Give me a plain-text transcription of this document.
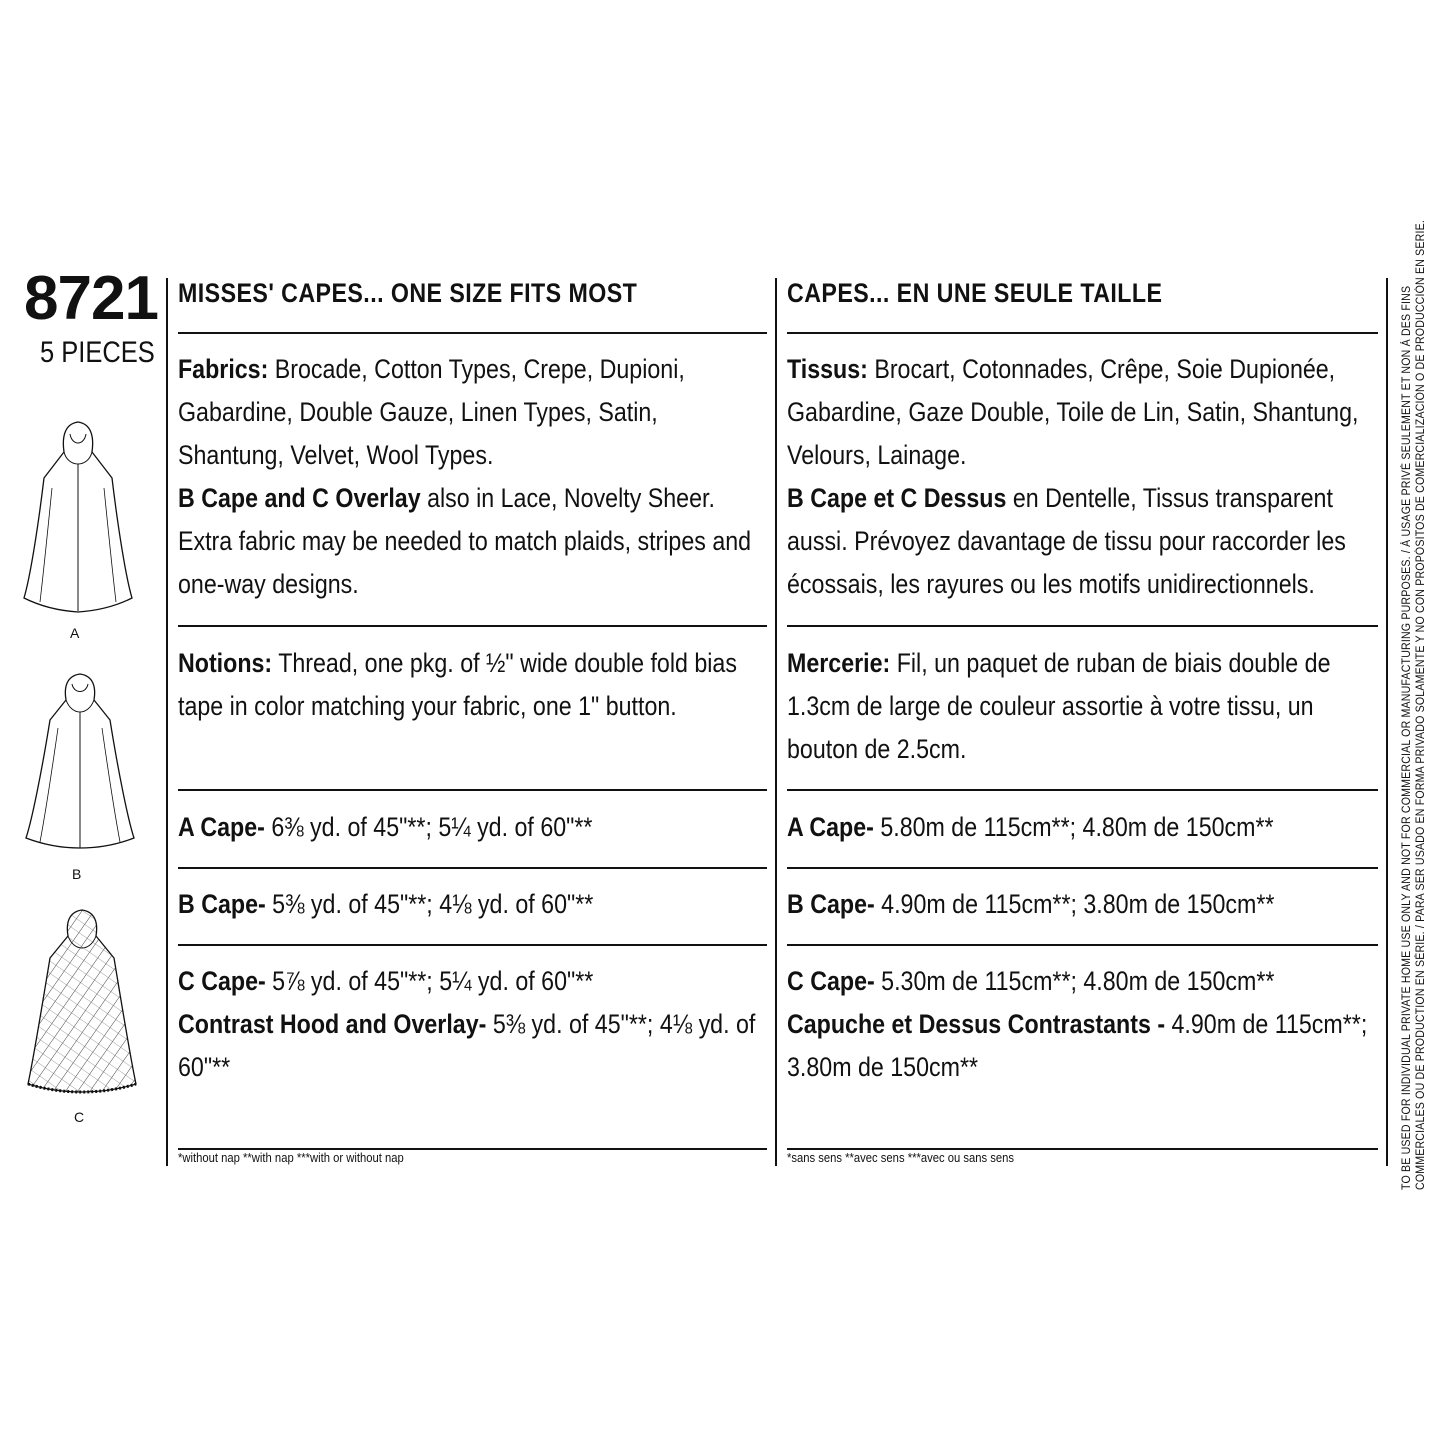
8721
5 PIECES
A
B
C
MISSES' CAPES... ONE SIZE FITS MOST
Fabrics: Brocade, Cotton Types, Crepe, Dupioni, Gabardine, Double Gauze, Linen Types, Satin, Shantung, Velvet, Wool Types.
B Cape and C Overlay also in Lace, Novelty Sheer. Extra fabric may be needed to match plaids, stripes and one-way designs.
Notions: Thread, one pkg. of ½" wide double fold bias tape in color matching your fabric, one 1" button.
A Cape- 6⅜ yd. of 45"**; 5¼ yd. of 60"**
B Cape- 5⅜ yd. of 45"**; 4⅛ yd. of 60"**
C Cape- 5⅞ yd. of 45"**; 5¼ yd. of 60"**
Contrast Hood and Overlay- 5⅜ yd. of 45"**; 4⅛ yd. of 60"**
*without nap **with nap ***with or without nap
CAPES... EN UNE SEULE TAILLE
Tissus: Brocart, Cotonnades, Crêpe, Soie Dupionée, Gabardine, Gaze Double, Toile de Lin, Satin, Shantung, Velours, Lainage.
B Cape et C Dessus en Dentelle, Tissus transparent aussi. Prévoyez davantage de tissu pour raccorder les écossais, les rayures ou les motifs unidirectionnels.
Mercerie: Fil, un paquet de ruban de biais double de 1.3cm de large de couleur assortie à votre tissu, un bouton de 2.5cm.
A Cape- 5.80m de 115cm**; 4.80m de 150cm**
B Cape- 4.90m de 115cm**; 3.80m de 150cm**
C Cape- 5.30m de 115cm**; 4.80m de 150cm**
Capuche et Dessus Contrastants - 4.90m de 115cm**; 3.80m de 150cm**
*sans sens **avec sens ***avec ou sans sens	TO BE USED FOR INDIVIDUAL PRIVATE HOME USE ONLY AND NOT FOR COMMERCIAL OR MANUFACTURING PURPOSES. / À USAGE PRIVÉ SEULEMENT ET NON À DES FINS COMMERCIALES OU DE PRODUCTION EN SÉRIE. / PARA SER USADO EN FORMA PRIVADO SOLAMENTE Y NO CON PROPÓSITOS DE COMERCIALIZACIÓN O DE PRODUCCIÓN EN SERIE.
